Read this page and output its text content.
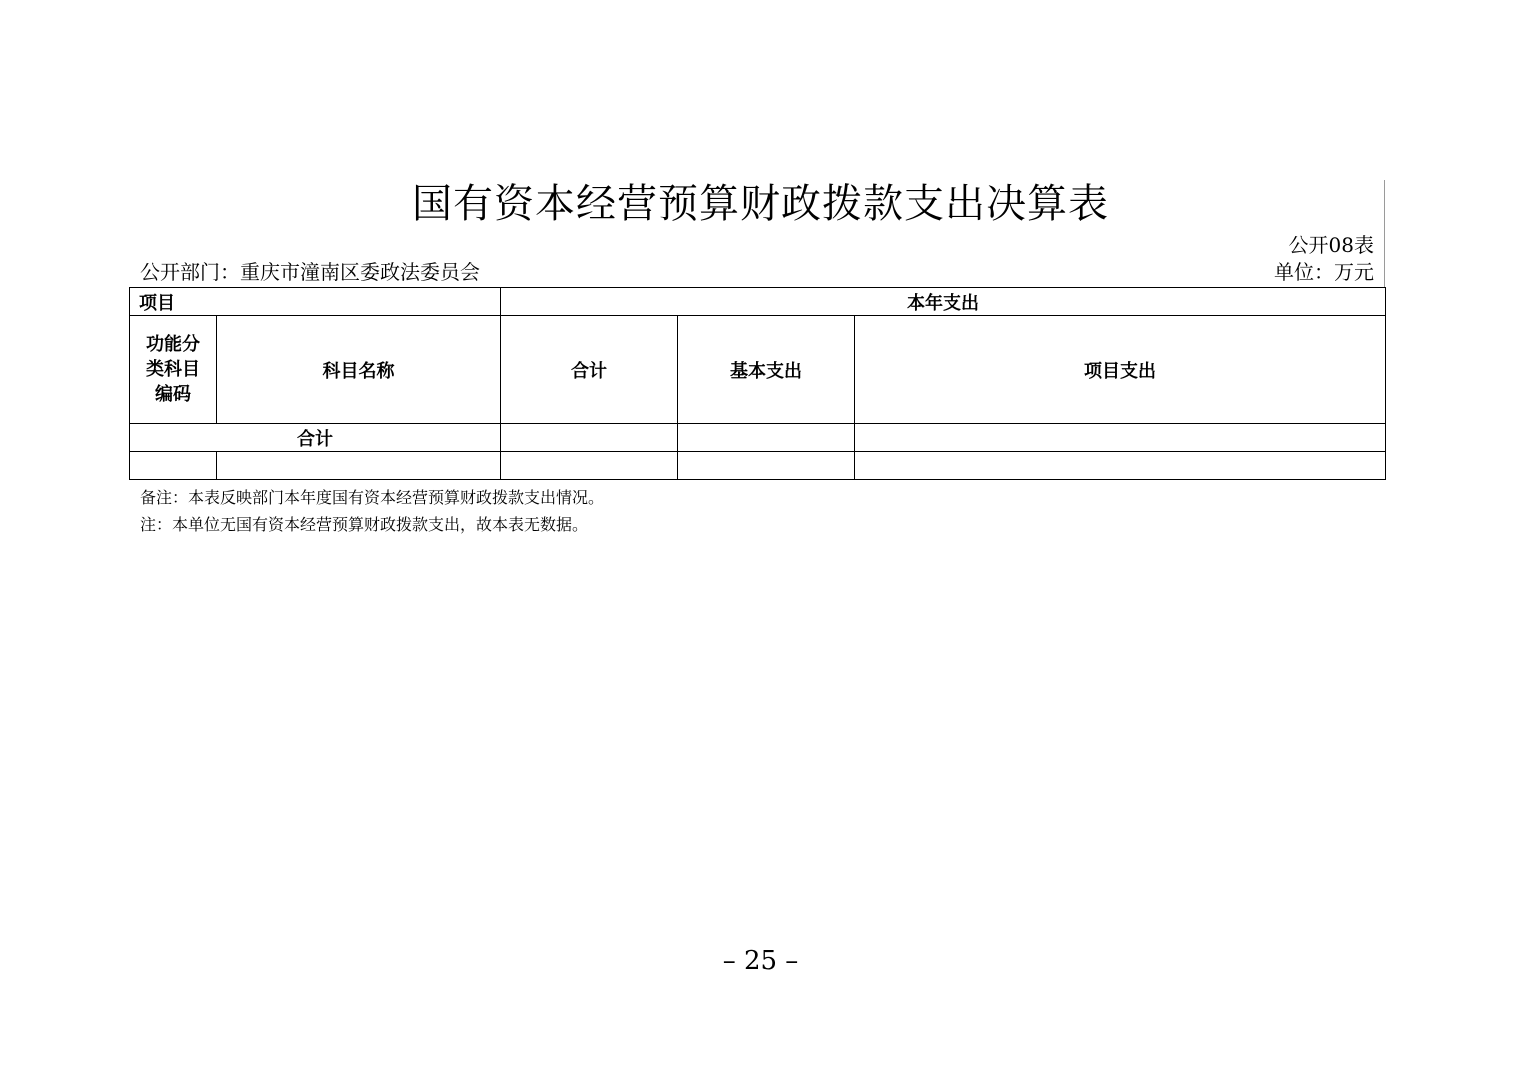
国有资本经营预算财政拨款支出决算表
公开08表
公开部门：重庆市潼南区委政法委员会	单位：万元
项目		本年支出		
功能分类科目编码	科目名称	合计	基本支出	项目支出
合计				

备注：本表反映部门本年度国有资本经营预算财政拨款支出情况。
注：本单位无国有资本经营预算财政拨款支出，故本表无数据。
– 25 –
